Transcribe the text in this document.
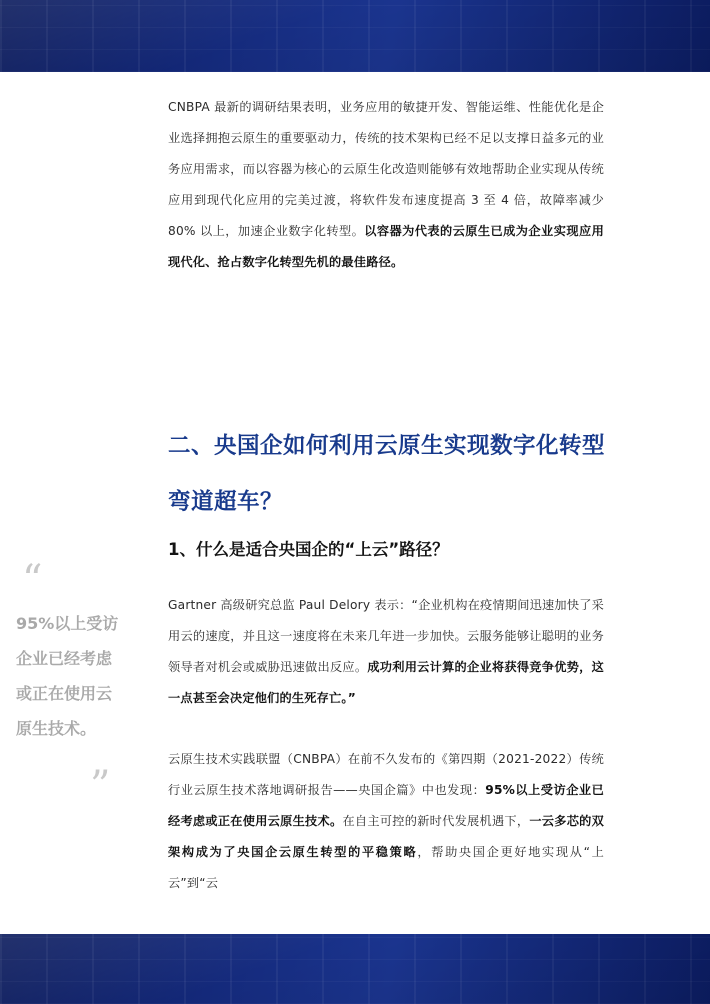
CNBPA 最新的调研结果表明，业务应用的敏捷开发、智能运维、性能优化是企业选择拥抱云原生的重要驱动力，传统的技术架构已经不足以支撑日益多元的业务应用需求，而以容器为核心的云原生化改造则能够有效地帮助企业实现从传统应用到现代化应用的完美过渡，将软件发布速度提高 3 至 4 倍，故障率减少 80% 以上，加速企业数字化转型。以容器为代表的云原生已成为企业实现应用现代化、抢占数字化转型先机的最佳路径。

二、央国企如何利用云原生实现数字化转型弯道超车？
1、什么是适合央国企的“上云”路径？
“

95%以上受访企业已经考虑或正在使用云原生技术。

”

Gartner 高级研究总监 Paul Delory 表示：“企业机构在疫情期间迅速加快了采用云的速度，并且这一速度将在未来几年进一步加快。云服务能够让聪明的业务领导者对机会或威胁迅速做出反应。成功利用云计算的企业将获得竞争优势，这一点甚至会决定他们的生死存亡。”

云原生技术实践联盟（CNBPA）在前不久发布的《第四期（2021-2022）传统行业云原生技术落地调研报告——央国企篇》中也发现：95%以上受访企业已经考虑或正在使用云原生技术。在自主可控的新时代发展机遇下，一云多芯的双架构成为了央国企云原生转型的平稳策略，帮助央国企更好地实现从“上云”到“云
